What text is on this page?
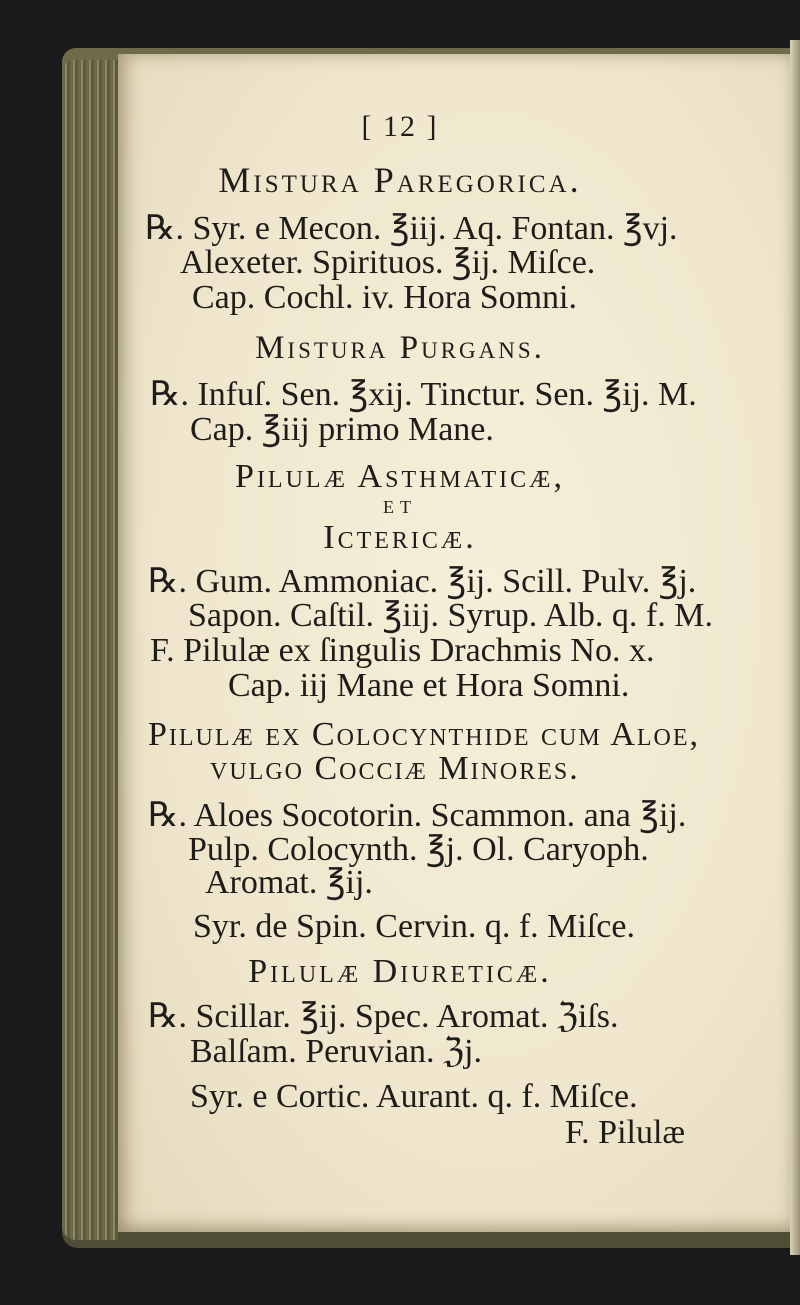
[ 12 ]

Mistura Paregorica.

℞. Syr. e Mecon. ℥iij. Aq. Fontan. ℥vj.

Alexeter. Spirituos. ℥ij. Miſce.

Cap. Cochl. iv. Hora Somni.

Mistura Purgans.

℞. Infuſ. Sen. ℥xij. Tinctur. Sen. ℥ij. M.

Cap. ℥iij primo Mane.

Pilulæ Asthmaticæ,

et

Ictericæ.

℞. Gum. Ammoniac. ℥ij. Scill. Pulv. ℥j.

Sapon. Caſtil. ℥iij. Syrup. Alb. q. f. M.

F. Pilulæ ex ſingulis Drachmis No. x.

Cap. iij Mane et Hora Somni.

Pilulæ ex Colocynthide cum Aloe,

vulgo Cocciæ Minores.

℞. Aloes Socotorin. Scammon. ana ℥ij.

Pulp. Colocynth. ℥j. Ol. Caryoph.

Aromat. ℥ij.

Syr. de Spin. Cervin. q. f. Miſce.

Pilulæ Diureticæ.

℞. Scillar. ℥ij. Spec. Aromat. ℨiſs.

Balſam. Peruvian. ℨj.

Syr. e Cortic. Aurant. q. f. Miſce.

F. Pilulæ
